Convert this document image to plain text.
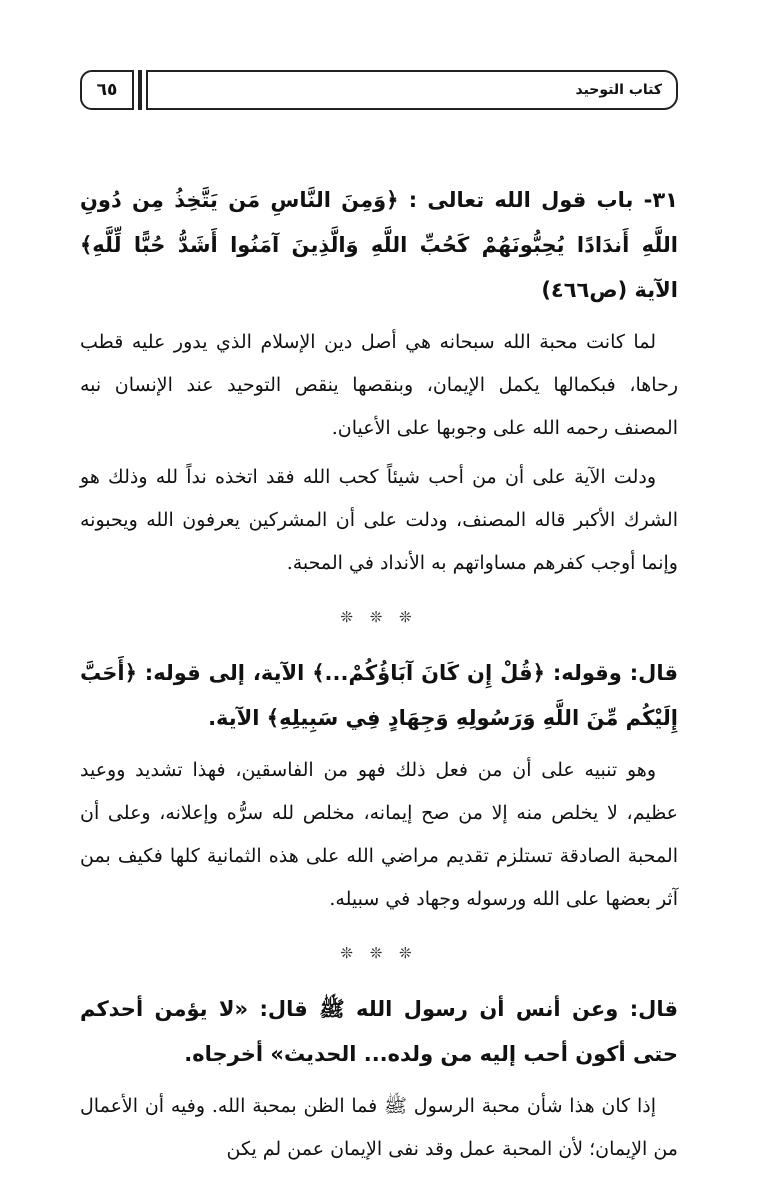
٦٥	كتاب التوحيد
٣١- باب قول الله تعالى : ﴿وَمِنَ النَّاسِ مَن يَتَّخِذُ مِن دُونِ اللَّهِ أَندَادًا يُحِبُّونَهُمْ كَحُبِّ اللَّهِ وَالَّذِينَ آمَنُوا أَشَدُّ حُبًّا لِّلَّهِ﴾ الآية (ص٤٦٦)

لما كانت محبة الله سبحانه هي أصل دين الإسلام الذي يدور عليه قطب رحاها، فبكمالها يكمل الإيمان، وبنقصها ينقص التوحيد عند الإنسان نبه المصنف رحمه الله على وجوبها على الأعيان.

ودلت الآية على أن من أحب شيئاً كحب الله فقد اتخذه نداً لله وذلك هو الشرك الأكبر قاله المصنف، ودلت على أن المشركين يعرفون الله ويحبونه وإنما أوجب كفرهم مساواتهم به الأنداد في المحبة.

❊ ❊ ❊
قال: وقوله: ﴿قُلْ إِن كَانَ آبَاؤُكُمْ...﴾ الآية، إلى قوله: ﴿أَحَبَّ إِلَيْكُم مِّنَ اللَّهِ وَرَسُولِهِ وَجِهَادٍ فِي سَبِيلِهِ﴾ الآية.

وهو تنبيه على أن من فعل ذلك فهو من الفاسقين، فهذا تشديد ووعيد عظيم، لا يخلص منه إلا من صح إيمانه، مخلص لله سرُّه وإعلانه، وعلى أن المحبة الصادقة تستلزم تقديم مراضي الله على هذه الثمانية كلها فكيف بمن آثر بعضها على الله ورسوله وجهاد في سبيله.

❊ ❊ ❊
قال: وعن أنس أن رسول الله ﷺ قال: «لا يؤمن أحدكم حتى أكون أحب إليه من ولده... الحديث» أخرجاه.

إذا كان هذا شأن محبة الرسول ﷺ فما الظن بمحبة الله. وفيه أن الأعمال من الإيمان؛ لأن المحبة عمل وقد نفى الإيمان عمن لم يكن
